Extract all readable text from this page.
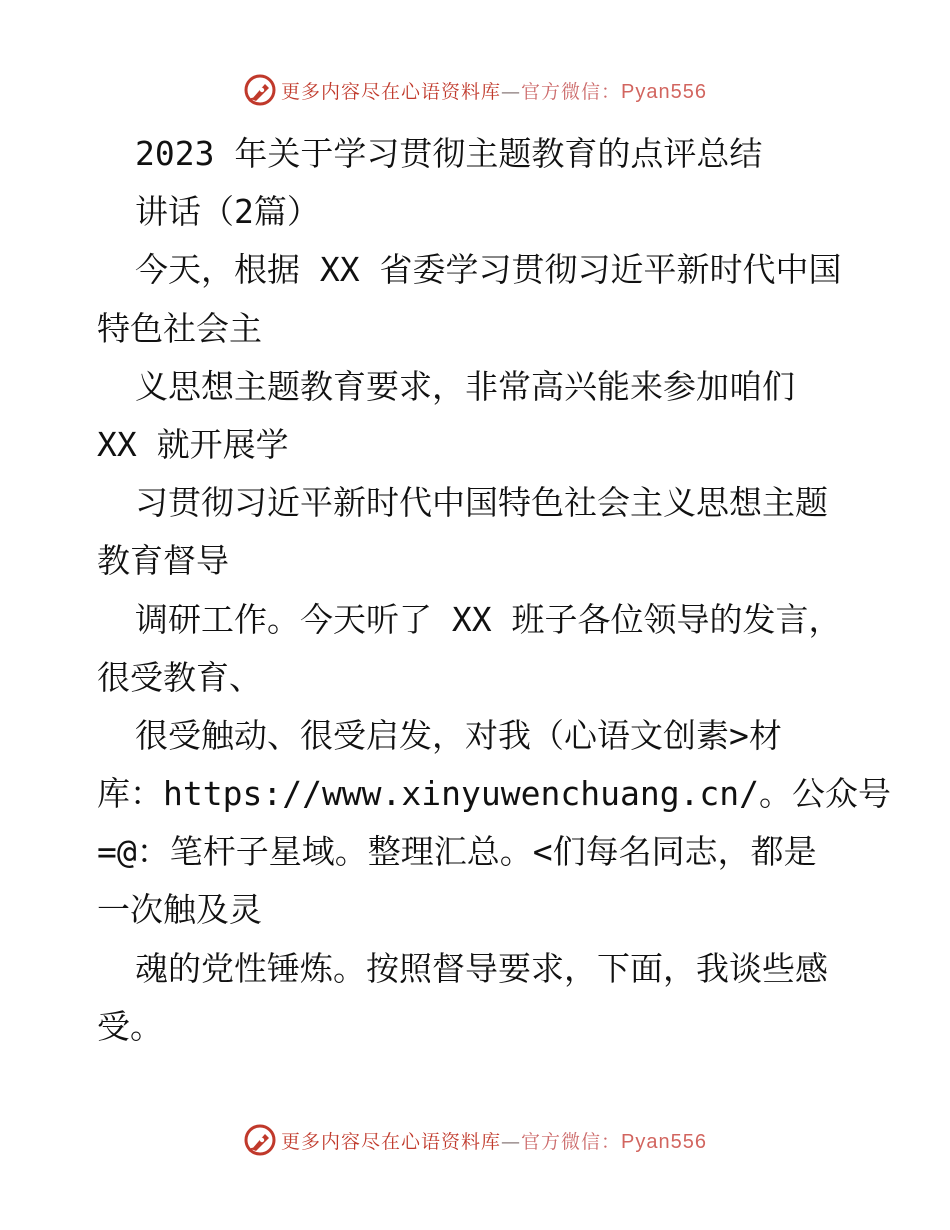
更多内容尽在心语资料库—官方微信：Pyan556
2023 年关于学习贯彻主题教育的点评总结
讲话（2篇）
今天，根据 XX 省委学习贯彻习近平新时代中国
特色社会主
义思想主题教育要求，非常高兴能来参加咱们
XX 就开展学
习贯彻习近平新时代中国特色社会主义思想主题
教育督导
调研工作。今天听了 XX 班子各位领导的发言，
很受教育、
很受触动、很受启发，对我（心语文创素>材
库：https://www.xinyuwenchuang.cn/。公众号
=@：笔杆子星域。整理汇总。<们每名同志，都是
一次触及灵
魂的党性锤炼。按照督导要求，下面，我谈些感
受。
更多内容尽在心语资料库—官方微信：Pyan556
